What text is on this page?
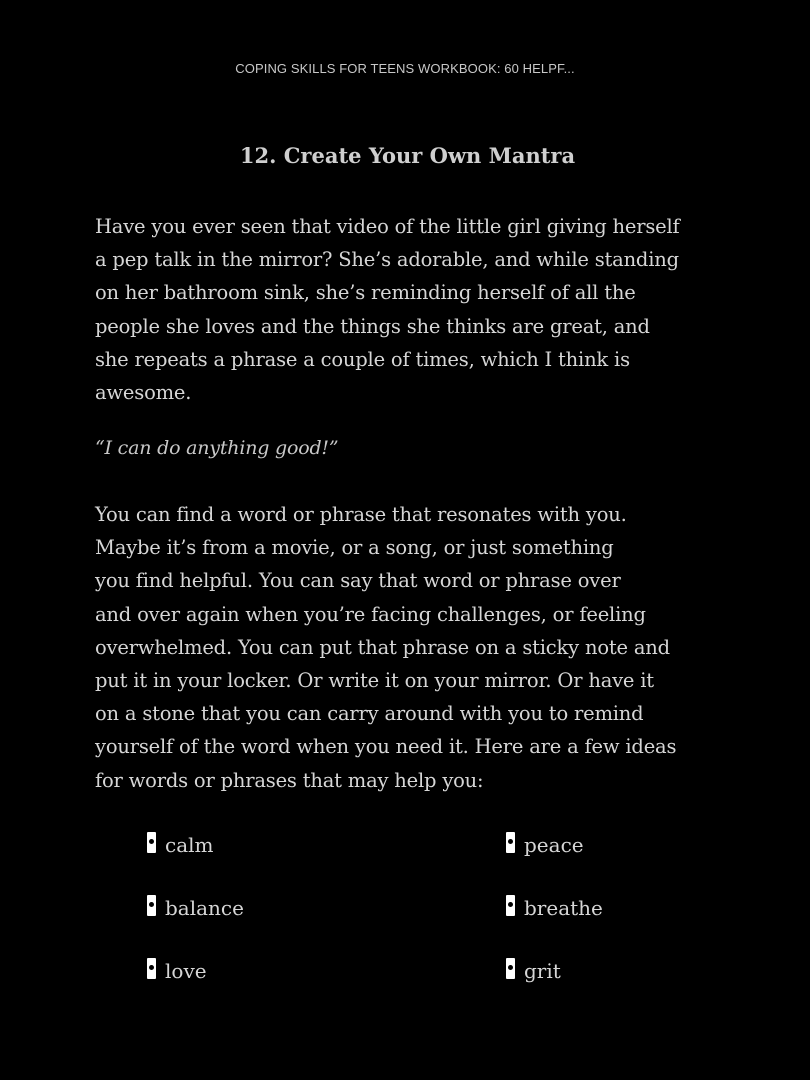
COPING SKILLS FOR TEENS WORKBOOK: 60 HELPF...
12. Create Your Own Mantra

Have you ever seen that video of the little girl giving herself
a pep talk in the mirror? She’s adorable, and while standing
on her bathroom sink, she’s reminding herself of all the
people she loves and the things she thinks are great, and
she repeats a phrase a couple of times, which I think is
awesome.

“I can do anything good!”

You can find a word or phrase that resonates with you.
Maybe it’s from a movie, or a song, or just something
you find helpful. You can say that word or phrase over
and over again when you’re facing challenges, or feeling
overwhelmed. You can put that phrase on a sticky note and
put it in your locker. Or write it on your mirror. Or have it
on a stone that you can carry around with you to remind
yourself of the word when you need it. Here are a few ideas
for words or phrases that may help you:

calm	peace
balance	breathe
love	grit
